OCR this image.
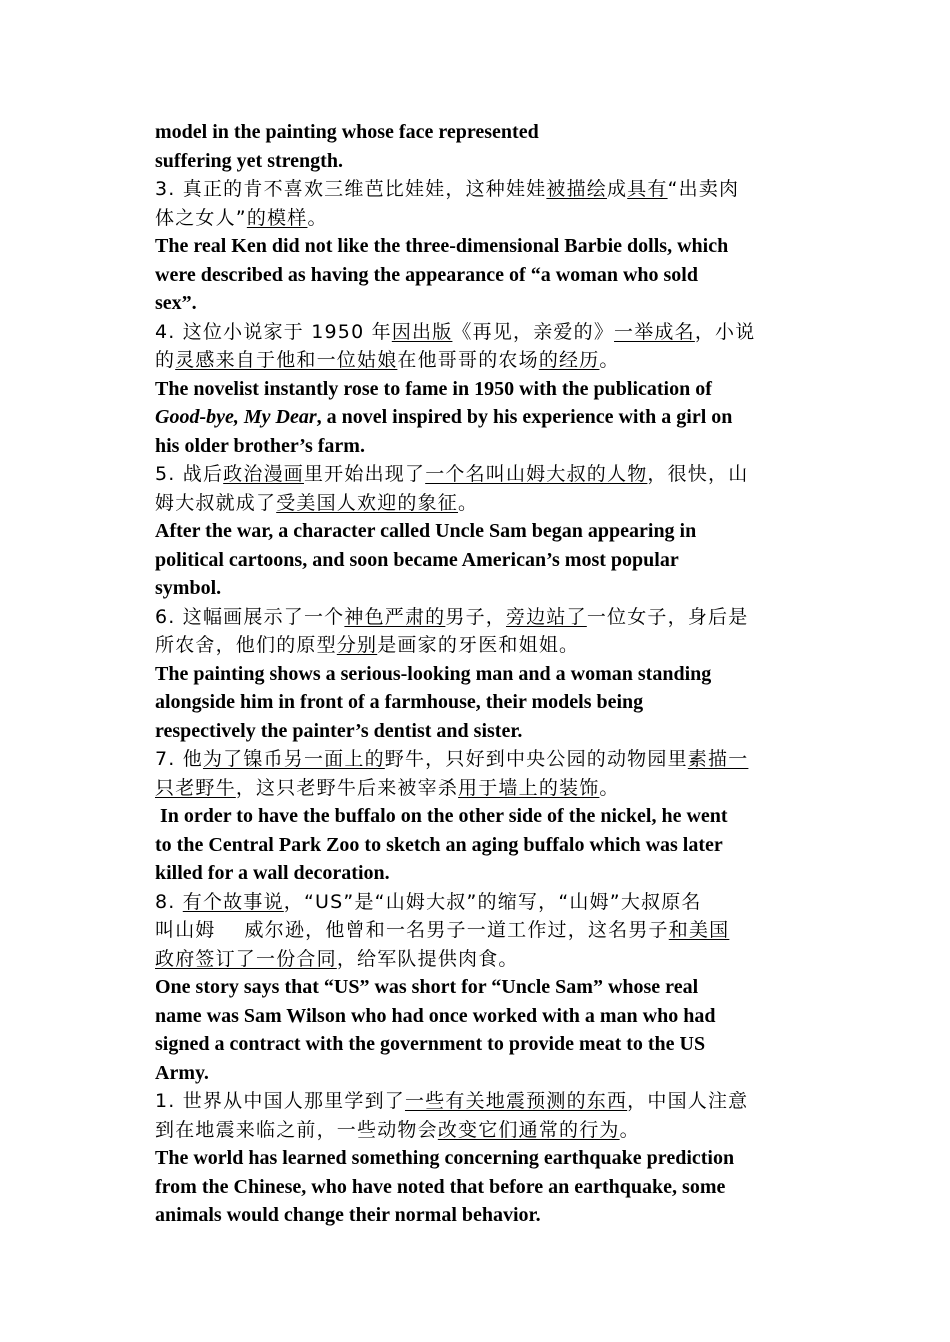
model in the painting whose face represented
suffering yet strength.
3. 真正的肯不喜欢三维芭比娃娃，这种娃娃被描绘成具有“出卖肉
体之女人”的模样。
The real Ken did not like the three-dimensional Barbie dolls, which
were described as having the appearance of “a woman who sold
sex”.
4. 这位小说家于 1950 年因出版《再见，亲爱的》一举成名，小说
的灵感来自于他和一位姑娘在他哥哥的农场的经历。
The novelist instantly rose to fame in 1950 with the publication of
Good-bye, My Dear, a novel inspired by his experience with a girl on
his older brother’s farm.
5. 战后政治漫画里开始出现了一个名叫山姆大叔的人物，很快，山
姆大叔就成了受美国人欢迎的象征。
After the war, a character called Uncle Sam began appearing in
political cartoons, and soon became American’s most popular
symbol.
6. 这幅画展示了一个神色严肃的男子，旁边站了一位女子，身后是
所农舍，他们的原型分别是画家的牙医和姐姐。
The painting shows a serious-looking man and a woman standing
alongside him in front of a farmhouse, their models being
respectively the painter’s dentist and sister.
7. 他为了镍币另一面上的野牛，只好到中央公园的动物园里素描一
只老野牛，这只老野牛后来被宰杀用于墙上的装饰。
In order to have the buffalo on the other side of the nickel, he went
to the Central Park Zoo to sketch an aging buffalo which was later
killed for a wall decoration.
8. 有个故事说，“US”是“山姆大叔”的缩写，“山姆”大叔原名
叫山姆    威尔逊，他曾和一名男子一道工作过，这名男子和美国
政府签订了一份合同，给军队提供肉食。
One story says that “US” was short for “Uncle Sam” whose real
name was Sam Wilson who had once worked with a man who had
signed a contract with the government to provide meat to the US
Army.
1. 世界从中国人那里学到了一些有关地震预测的东西，中国人注意
到在地震来临之前，一些动物会改变它们通常的行为。
The world has learned something concerning earthquake prediction
from the Chinese, who have noted that before an earthquake, some
animals would change their normal behavior.
